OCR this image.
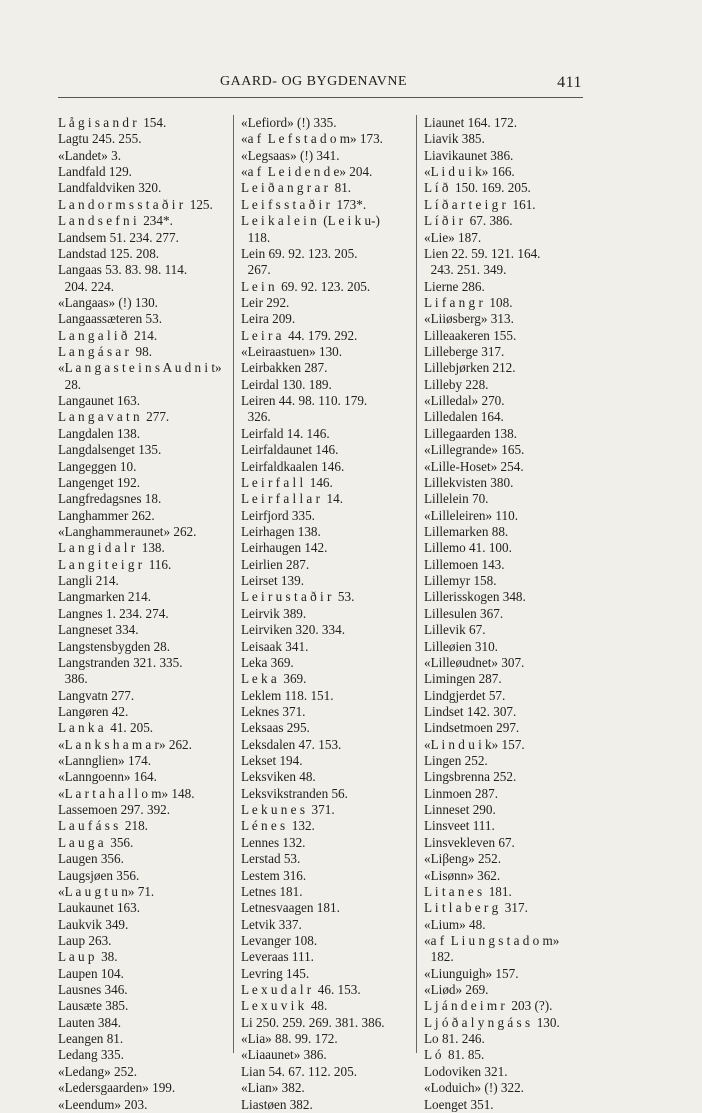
GAARD- OG BYGDENAVNE	411
L å g i s a n d r  154.
Lagtu 245. 255.
«Landet» 3.
Landfald 129.
Landfaldviken 320.
L a n d o r m s s t a ð i r  125.
L a n d s e f n i  234*.
Landsem 51. 234. 277.
Landstad 125. 208.
Langaas 53. 83. 98. 114.
204. 224.
«Langaas» (!) 130.
Langaassæteren 53.
L a n g a l i ð  214.
L a n g á s a r  98.
«L a n g a s t e i n s A u d n i t»
28.
Langaunet 163.
L a n g a v a t n  277.
Langdalen 138.
Langdalsenget 135.
Langeggen 10.
Langenget 192.
Langfredagsnes 18.
Langhammer 262.
«Langhammeraunet» 262.
L a n g i d a l r  138.
L a n g i t e i g r  116.
Langli 214.
Langmarken 214.
Langnes 1. 234. 274.
Langneset 334.
Langstensbygden 28.
Langstranden 321. 335.
386.
Langvatn 277.
Langøren 42.
L a n k a  41. 205.
«L a n k s h a m a r» 262.
«Lannglien» 174.
«Lanngoenn» 164.
«L a r t a h a l l o m» 148.
Lassemoen 297. 392.
L a u f á s s  218.
L a u g a  356.
Laugen 356.
Laugsjøen 356.
«L a u g t u n» 71.
Laukaunet 163.
Laukvik 349.
Laup 263.
L a u p  38.
Laupen 104.
Lausnes 346.
Lausæte 385.
Lauten 384.
Leangen 81.
Ledang 335.
«Ledang» 252.
«Ledersgaarden» 199.
«Leendum» 203.
«Lefiord» (!) 335.
«a f  L e f s t a d o m» 173.
«Legsaas» (!) 341.
«a f  L e i d e n d e» 204.
L e i ð a n g r a r  81.
L e i f s s t a ð i r  173*.
L e i k a l e i n  (L e i k u-)
118.
Lein 69. 92. 123. 205.
267.
L e i n  69. 92. 123. 205.
Leir 292.
Leira 209.
L e i r a  44. 179. 292.
«Leiraastuen» 130.
Leirbakken 287.
Leirdal 130. 189.
Leiren 44. 98. 110. 179.
326.
Leirfald 14. 146.
Leirfaldaunet 146.
Leirfaldkaalen 146.
L e i r f a l l  146.
L e i r f a l l a r  14.
Leirfjord 335.
Leirhagen 138.
Leirhaugen 142.
Leirlien 287.
Leirset 139.
L e i r u s t a ð i r  53.
Leirvik 389.
Leirviken 320. 334.
Leisaak 341.
Leka 369.
L e k a  369.
Leklem 118. 151.
Leknes 371.
Leksaas 295.
Leksdalen 47. 153.
Lekset 194.
Leksviken 48.
Leksvikstranden 56.
L e k u n e s  371.
L é n e s  132.
Lennes 132.
Lerstad 53.
Lestem 316.
Letnes 181.
Letnesvaagen 181.
Letvik 337.
Levanger 108.
Leveraas 111.
Levring 145.
L e x u d a l r  46. 153.
L e x u v i k  48.
Li 250. 259. 269. 381. 386.
«Lia» 88. 99. 172.
«Liaaunet» 386.
Lian 54. 67. 112. 205.
«Lian» 382.
Liastøen 382.
Liaunet 164. 172.
Liavik 385.
Liavikaunet 386.
«L i d u i k» 166.
L í ð  150. 169. 205.
L í ð a r t e i g r  161.
L í ð i r  67. 386.
«Lie» 187.
Lien 22. 59. 121. 164.
243. 251. 349.
Lierne 286.
L i f a n g r  108.
«Liiøsberg» 313.
Lilleaakeren 155.
Lilleberge 317.
Lillebjørken 212.
Lilleby 228.
«Lilledal» 270.
Lilledalen 164.
Lillegaarden 138.
«Lillegrande» 165.
«Lille-Hoset» 254.
Lillekvisten 380.
Lillelein 70.
«Lilleleiren» 110.
Lillemarken 88.
Lillemo 41. 100.
Lillemoen 143.
Lillemyr 158.
Lillerisskogen 348.
Lillesulen 367.
Lillevik 67.
Lilleøien 310.
«Lilleøudnet» 307.
Limingen 287.
Lindgjerdet 57.
Lindset 142. 307.
Lindsetmoen 297.
«L i n d u i k» 157.
Lingen 252.
Lingsbrenna 252.
Linmoen 287.
Linneset 290.
Linsveet 111.
Linsvekleven 67.
«Liβeng» 252.
«Lisønn» 362.
L i t a n e s  181.
L i t l a b e r g  317.
«Lium» 48.
«a f  L i u n g s t a d o m»
182.
«Liunguigh» 157.
«Liød» 269.
L j á n d e i m r  203 (?).
L j ó ð a l y n g á s s  130.
Lo 81. 246.
L ó  81. 85.
Lodoviken 321.
«Loduich» (!) 322.
Loenget 351.
